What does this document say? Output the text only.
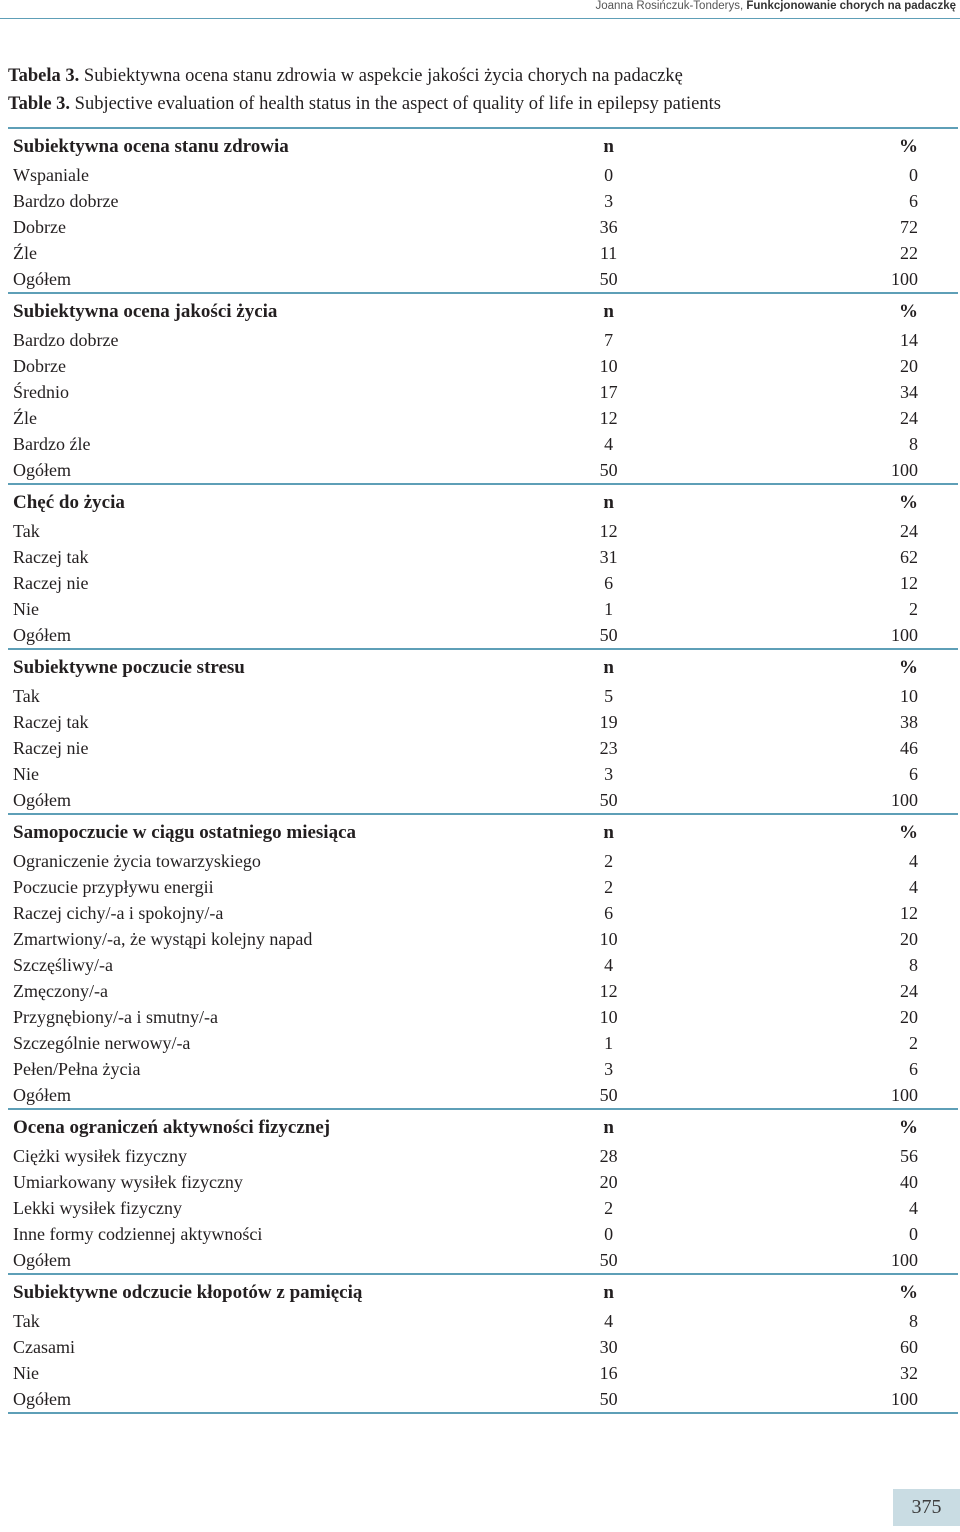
Joanna Rosińczuk-Tonderys, Funkcjonowanie chorych na padaczkę
Tabela 3. Subiektywna ocena stanu zdrowia w aspekcie jakości życia chorych na padaczkę
Table 3. Subjective evaluation of health status in the aspect of quality of life in epilepsy patients
Subiektywna ocena stanu zdrowia	n		%
Wspaniale	0		0
Bardzo dobrze	3		6
Dobrze	36		72
Źle	11		22
Ogółem	50		100
Subiektywna ocena jakości życia	n		%
Bardzo dobrze	7		14
Dobrze	10		20
Średnio	17		34
Źle	12		24
Bardzo źle	4		8
Ogółem	50		100
Chęć do życia	n		%
Tak	12		24
Raczej tak	31		62
Raczej nie	6		12
Nie	1		2
Ogółem	50		100
Subiektywne poczucie stresu	n		%
Tak	5		10
Raczej tak	19		38
Raczej nie	23		46
Nie	3		6
Ogółem	50		100
Samopoczucie w ciągu ostatniego miesiąca	n		%
Ograniczenie życia towarzyskiego	2		4
Poczucie przypływu energii	2		4
Raczej cichy/-a i spokojny/-a	6		12
Zmartwiony/-a, że wystąpi kolejny napad	10		20
Szczęśliwy/-a	4		8
Zmęczony/-a	12		24
Przygnębiony/-a i smutny/-a	10		20
Szczególnie nerwowy/-a	1		2
Pełen/Pełna życia	3		6
Ogółem	50		100
Ocena ograniczeń aktywności fizycznej	n		%
Ciężki wysiłek fizyczny	28		56
Umiarkowany wysiłek fizyczny	20		40
Lekki wysiłek fizyczny	2		4
Inne formy codziennej aktywności	0		0
Ogółem	50		100
Subiektywne odczucie kłopotów z pamięcią	n		%
Tak	4		8
Czasami	30		60
Nie	16		32
Ogółem	50		100
375
